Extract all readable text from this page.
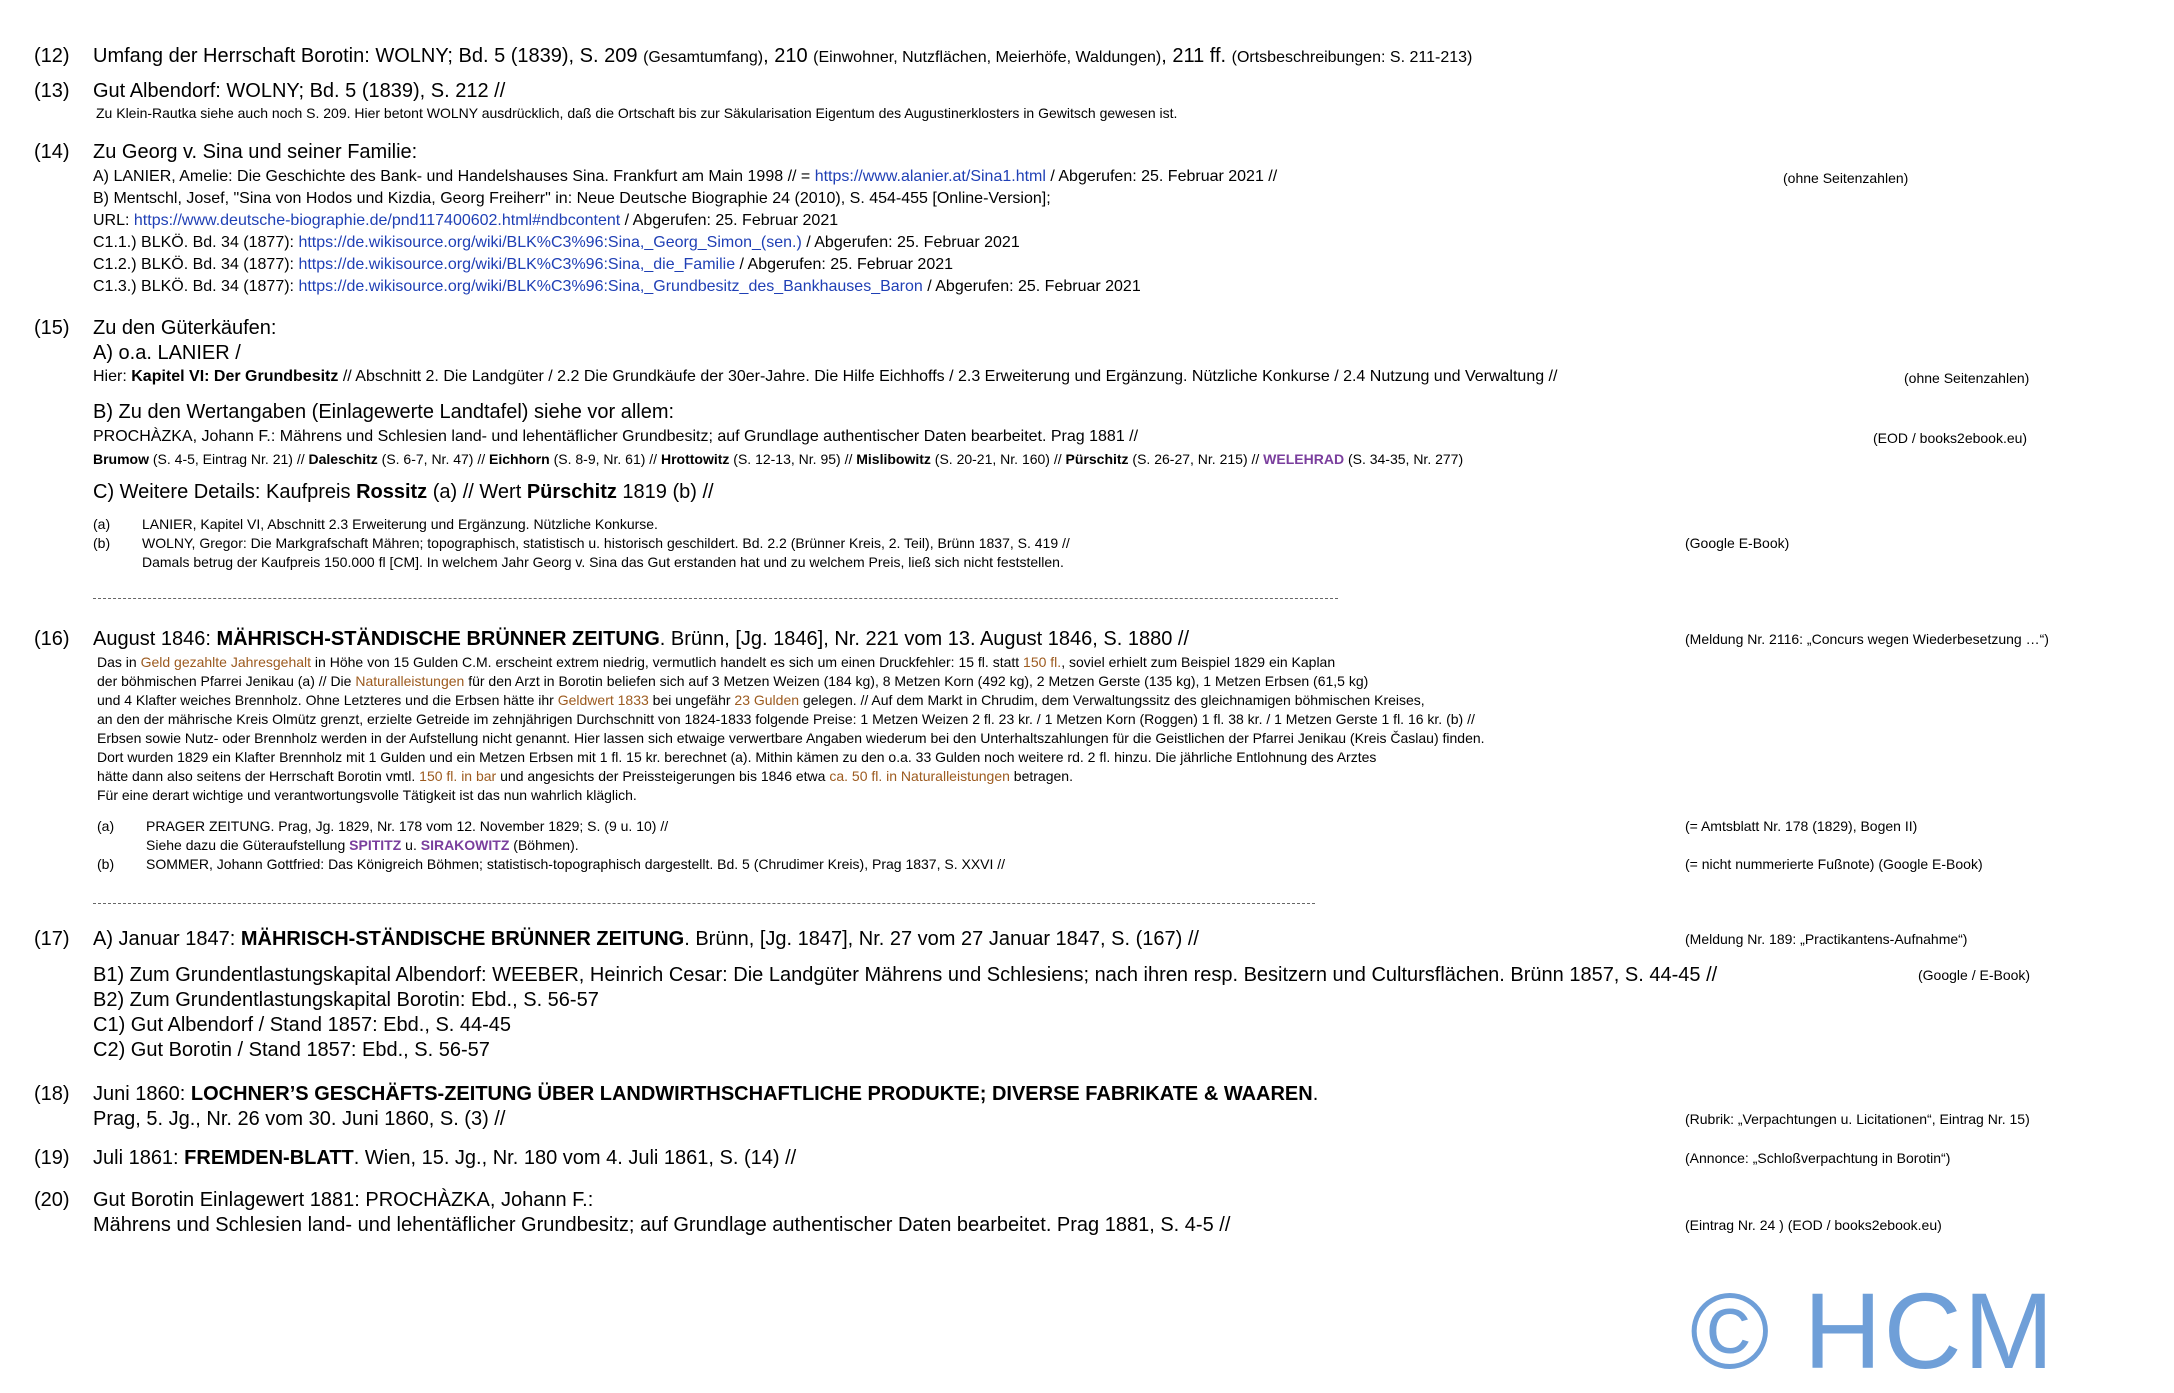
(12) Umfang der Herrschaft Borotin: WOLNY; Bd. 5 (1839), S. 209 (Gesamtumfang), 210 (Einwohner, Nutzflächen, Meierhöfe, Waldungen), 211 ff. (Ortsbeschreibungen: S. 211-213)
(13) Gut Albendorf: WOLNY; Bd. 5 (1839), S. 212 //
Zu Klein-Rautka siehe auch noch S. 209. Hier betont WOLNY ausdrücklich, daß die Ortschaft bis zur Säkularisation Eigentum des Augustinerklosters in Gewitsch gewesen ist.
(14) Zu Georg v. Sina und seiner Familie:
A) LANIER, Amelie: Die Geschichte des Bank- und Handelshauses Sina. Frankfurt am Main 1998 // = https://www.alanier.at/Sina1.html / Abgerufen: 25. Februar 2021 //	(ohne Seitenzahlen)
B) Mentschl, Josef, "Sina von Hodos und Kizdia, Georg Freiherr" in: Neue Deutsche Biographie 24 (2010), S. 454-455 [Online-Version];
URL: https://www.deutsche-biographie.de/pnd117400602.html#ndbcontent / Abgerufen: 25. Februar 2021
C1.1.) BLKÖ. Bd. 34 (1877): https://de.wikisource.org/wiki/BLK%C3%96:Sina,_Georg_Simon_(sen.) / Abgerufen: 25. Februar 2021
C1.2.) BLKÖ. Bd. 34 (1877): https://de.wikisource.org/wiki/BLK%C3%96:Sina,_die_Familie / Abgerufen: 25. Februar 2021
C1.3.) BLKÖ. Bd. 34 (1877): https://de.wikisource.org/wiki/BLK%C3%96:Sina,_Grundbesitz_des_Bankhauses_Baron / Abgerufen: 25. Februar 2021
(15) Zu den Güterkäufen:
A) o.a. LANIER /
Hier: Kapitel VI: Der Grundbesitz // Abschnitt 2. Die Landgüter / 2.2 Die Grundkäufe der 30er-Jahre. Die Hilfe Eichhoffs / 2.3 Erweiterung und Ergänzung. Nützliche Konkurse / 2.4 Nutzung und Verwaltung //	(ohne Seitenzahlen)
B) Zu den Wertangaben (Einlagewerte Landtafel) siehe vor allem:
PROCHÀZKA, Johann F.: Mährens und Schlesien land- und lehentäflicher Grundbesitz; auf Grundlage authentischer Daten bearbeitet. Prag 1881 //	(EOD / books2ebook.eu)
Brumow (S. 4-5, Eintrag Nr. 21) // Daleschitz (S. 6-7, Nr. 47) // Eichhorn (S. 8-9, Nr. 61) // Hrottowitz (S. 12-13, Nr. 95) // Mislibowitz (S. 20-21, Nr. 160) // Pürschitz (S. 26-27, Nr. 215) // WELEHRAD (S. 34-35, Nr. 277)
C) Weitere Details: Kaufpreis Rossitz (a) // Wert Pürschitz 1819 (b) //
(a) LANIER, Kapitel VI, Abschnitt 2.3 Erweiterung und Ergänzung. Nützliche Konkurse.
(b) WOLNY, Gregor: Die Markgrafschaft Mähren; topographisch, statistisch u. historisch geschildert. Bd. 2.2 (Brünner Kreis, 2. Teil), Brünn 1837, S. 419 //	(Google E-Book)
Damals betrug der Kaufpreis 150.000 fl [CM]. In welchem Jahr Georg v. Sina das Gut erstanden hat und zu welchem Preis, ließ sich nicht feststellen.
(16) August 1846: MÄHRISCH-STÄNDISCHE BRÜNNER ZEITUNG. Brünn, [Jg. 1846], Nr. 221 vom 13. August 1846, S. 1880 //	(Meldung Nr. 2116: „Concurs wegen Wiederbesetzung …“)
Das in Geld gezahlte Jahresgehalt in Höhe von 15 Gulden C.M. erscheint extrem niedrig, vermutlich handelt es sich um einen Druckfehler: 15 fl. statt 150 fl., soviel erhielt zum Beispiel 1829 ein Kaplan
der böhmischen Pfarrei Jenikau (a) // Die Naturalleistungen für den Arzt in Borotin beliefen sich auf 3 Metzen Weizen (184 kg), 8 Metzen Korn (492 kg), 2 Metzen Gerste (135 kg), 1 Metzen Erbsen (61,5 kg)
und 4 Klafter weiches Brennholz. Ohne Letzteres und die Erbsen hätte ihr Geldwert 1833 bei ungefähr 23 Gulden gelegen. // Auf dem Markt in Chrudim, dem Verwaltungssitz des gleichnamigen böhmischen Kreises,
an den der mährische Kreis Olmütz grenzt, erzielte Getreide im zehnjährigen Durchschnitt von 1824-1833 folgende Preise: 1 Metzen Weizen 2 fl. 23 kr. / 1 Metzen Korn (Roggen) 1 fl. 38 kr. / 1 Metzen Gerste 1 fl. 16 kr. (b) //
Erbsen sowie Nutz- oder Brennholz werden in der Aufstellung nicht genannt. Hier lassen sich etwaige verwertbare Angaben wiederum bei den Unterhaltszahlungen für die Geistlichen der Pfarrei Jenikau (Kreis Časlau) finden.
Dort wurden 1829 ein Klafter Brennholz mit 1 Gulden und ein Metzen Erbsen mit 1 fl. 15 kr. berechnet (a). Mithin kämen zu den o.a. 33 Gulden noch weitere rd. 2 fl. hinzu. Die jährliche Entlohnung des Arztes
hätte dann also seitens der Herrschaft Borotin vmtl. 150 fl. in bar und angesichts der Preissteigerungen bis 1846 etwa ca. 50 fl. in Naturalleistungen betragen.
Für eine derart wichtige und verantwortungsvolle Tätigkeit ist das nun wahrlich kläglich.
(a) PRAGER ZEITUNG. Prag, Jg. 1829, Nr. 178 vom 12. November 1829; S. (9 u. 10) //	(= Amtsblatt Nr. 178 (1829), Bogen II)
Siehe dazu die Güteraufstellung SPITITZ u. SIRAKOWITZ (Böhmen).
(b) SOMMER, Johann Gottfried: Das Königreich Böhmen; statistisch-topographisch dargestellt. Bd. 5 (Chrudimer Kreis), Prag 1837, S. XXVI //	(= nicht nummerierte Fußnote) (Google E-Book)
(17) A) Januar 1847: MÄHRISCH-STÄNDISCHE BRÜNNER ZEITUNG. Brünn, [Jg. 1847], Nr. 27 vom 27 Januar 1847, S. (167) //	(Meldung Nr. 189: „Practikantens-Aufnahme“)
B1) Zum Grundentlastungskapital Albendorf: WEEBER, Heinrich Cesar: Die Landgüter Mährens und Schlesiens; nach ihren resp. Besitzern und Cultursflächen. Brünn 1857, S. 44-45 //	(Google / E-Book)
B2) Zum Grundentlastungskapital Borotin: Ebd., S. 56-57
C1) Gut Albendorf / Stand 1857: Ebd., S. 44-45
C2) Gut Borotin / Stand 1857: Ebd., S. 56-57
(18) Juni 1860: LOCHNER’S GESCHÄFTS-ZEITUNG ÜBER LANDWIRTHSCHAFTLICHE PRODUKTE; DIVERSE FABRIKATE & WAAREN.
Prag, 5. Jg., Nr. 26 vom 30. Juni 1860, S. (3) //	(Rubrik: „Verpachtungen u. Licitationen“, Eintrag Nr. 15)
(19) Juli 1861: FREMDEN-BLATT. Wien, 15. Jg., Nr. 180 vom 4. Juli 1861, S. (14) //	(Annonce: „Schloßverpachtung in Borotin“)
(20) Gut Borotin Einlagewert 1881: PROCHÀZKA, Johann F.:
Mährens und Schlesien land- und lehentäflicher Grundbesitz; auf Grundlage authentischer Daten bearbeitet. Prag 1881, S. 4-5 //	(Eintrag Nr. 24 ) (EOD / books2ebook.eu)
© HCM
